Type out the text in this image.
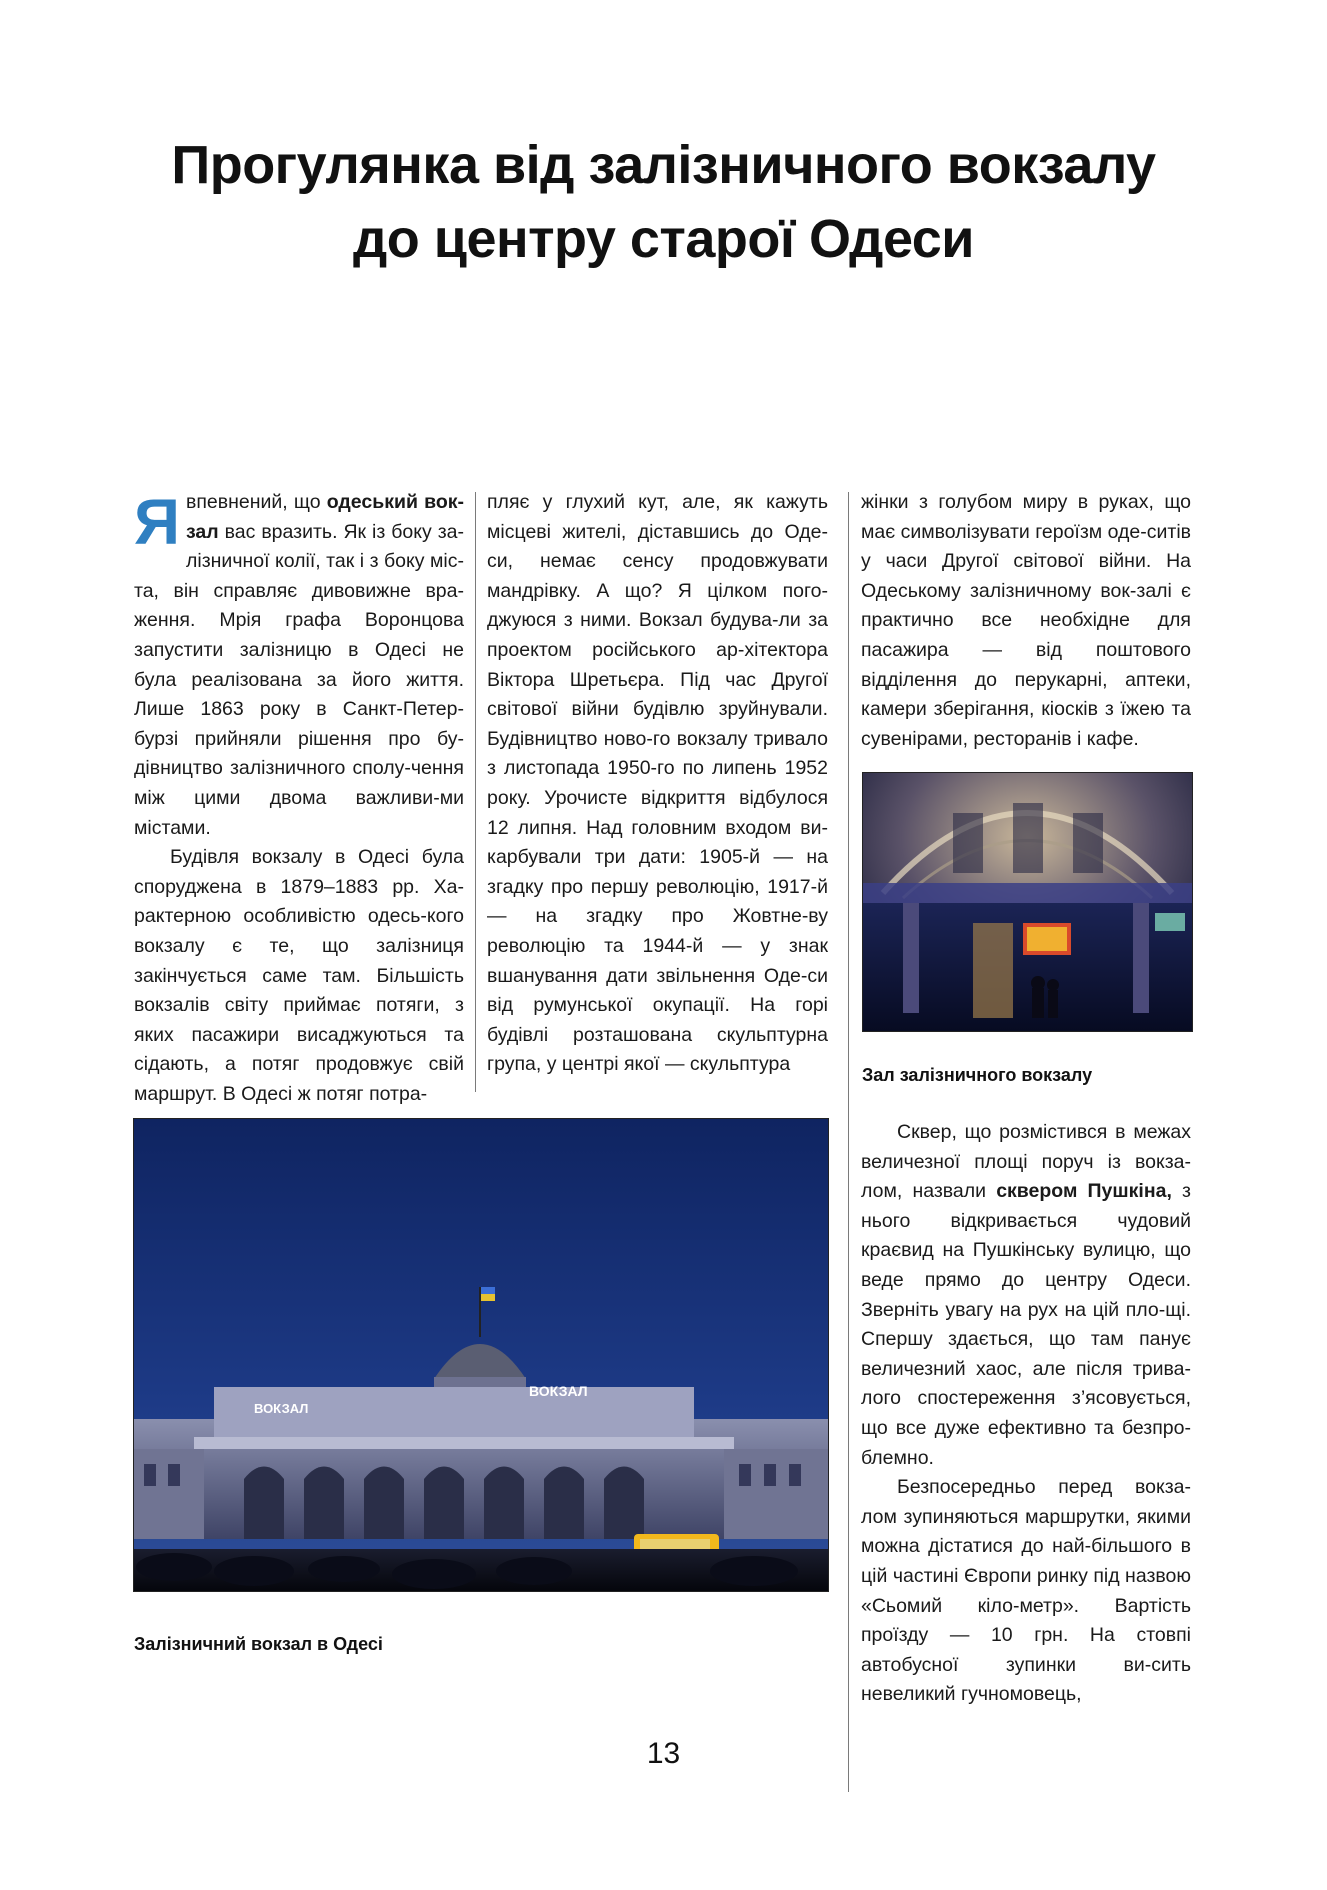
Прогулянка від залізничного вокзалу
до центру старої Одеси

Явпевнений, що одеський вок-зал вас вразить. Як із боку за-лізничної колії, так і з боку міс-та, він справляє дивовижне вра-ження. Мрія графа Воронцова запустити залізницю в Одесі не була реалізована за його життя. Лише 1863 року в Санкт-Петер-бурзі прийняли рішення про бу-дівництво залізничного сполу-чення між цими двома важливи-ми містами.

Будівля вокзалу в Одесі була споруджена в 1879–1883 рр. Ха-рактерною особливістю одесь-кого вокзалу є те, що залізниця закінчується саме там. Більшість вокзалів світу приймає потяги, з яких пасажири висаджуються та сідають, а потяг продовжує свій маршрут. В Одесі ж потяг потра-

пляє у глухий кут, але, як кажуть місцеві жителі, діставшись до Оде-си, немає сенсу продовжувати мандрівку. А що? Я цілком пого-джуюся з ними. Вокзал будува-ли за проектом російського ар-хітектора Віктора Шретьєра. Під час Другої світової війни будівлю зруйнували. Будівництво ново-го вокзалу тривало з листопада 1950-го по липень 1952 року. Урочисте відкриття відбулося 12 липня. Над головним входом ви-карбували три дати: 1905-й — на згадку про першу революцію, 1917-й — на згадку про Жовтне-ву революцію та 1944-й — у знак вшанування дати звільнення Оде-си від румунської окупації. На горі будівлі розташована скульптурна група, у центрі якої — скульптура

жінки з голубом миру в руках, що має символізувати героїзм оде-ситів у часи Другої світової війни. На Одеському залізничному вок-залі є практично все необхідне для пасажира — від поштового відділення до перукарні, аптеки, камери зберігання, кіосків з їжею та сувенірами, ресторанів і кафе.

Зал залізничного вокзалу

Сквер, що розмістився в межах величезної площі поруч із вокза-лом, назвали сквером Пушкіна, з нього відкривається чудовий краєвид на Пушкінську вулицю, що веде прямо до центру Одеси. Зверніть увагу на рух на цій пло-щі. Спершу здається, що там панує величезний хаос, але після трива-лого спостереження з’ясовується, що все дуже ефективно та безпро-блемно.

Безпосередньо перед вокза-лом зупиняються маршрутки, якими можна дістатися до най-більшого в цій частині Європи ринку під назвою «Сьомий кіло-метр». Вартість проїзду — 10 грн. На стовпі автобусної зупинки ви-сить невеликий гучномовець,

ВОКЗАЛ
ВОКЗАЛ
Залізничний вокзал в Одесі
13
